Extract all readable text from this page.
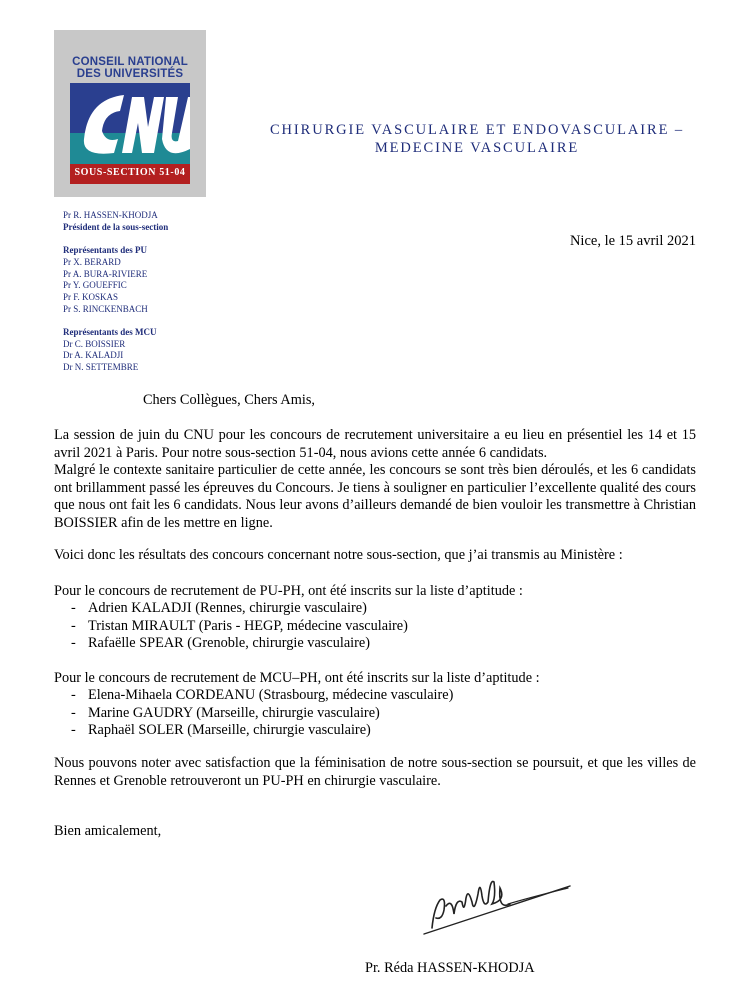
CONSEIL NATIONAL
DES UNIVERSITÉS
SOUS-SECTION 51-04
CHIRURGIE VASCULAIRE ET ENDOVASCULAIRE –
MEDECINE VASCULAIRE
Pr R. HASSEN-KHODJA
Président de la sous-section
Représentants des PU
Pr X. BERARD
Pr A. BURA-RIVIERE
Pr Y. GOUEFFIC
Pr F. KOSKAS
Pr S. RINCKENBACH
Représentants des MCU
Dr C. BOISSIER
Dr A. KALADJI
Dr N. SETTEMBRE
Nice, le 15 avril 2021
Chers Collègues, Chers Amis,
La session de juin du CNU pour les concours de recrutement universitaire a eu lieu en présentiel les 14 et 15 avril 2021 à Paris. Pour notre sous-section 51-04, nous avions cette année 6 candidats.
Malgré le contexte sanitaire particulier de cette année, les concours se sont très bien déroulés, et les 6 candidats ont brillamment passé les épreuves du Concours. Je tiens à souligner en particulier l’excellente qualité des cours que nous ont fait les 6 candidats. Nous leur avons d’ailleurs demandé de bien vouloir les transmettre à Christian BOISSIER afin de les mettre en ligne.
Voici donc les résultats des concours concernant notre sous-section, que j’ai transmis au Ministère :
Pour le concours de recrutement de PU-PH, ont été inscrits sur la liste d’aptitude :
- Adrien KALADJI (Rennes, chirurgie vasculaire)
- Tristan MIRAULT (Paris - HEGP, médecine vasculaire)
- Rafaëlle SPEAR (Grenoble, chirurgie vasculaire)
Pour le concours de recrutement de MCU–PH, ont été inscrits sur la liste d’aptitude :
- Elena-Mihaela CORDEANU (Strasbourg, médecine vasculaire)
- Marine GAUDRY (Marseille, chirurgie vasculaire)
- Raphaël SOLER (Marseille, chirurgie vasculaire)
Nous pouvons noter avec satisfaction que la féminisation de notre sous-section se poursuit, et que les villes de Rennes et Grenoble retrouveront un PU-PH en chirurgie vasculaire.
Bien amicalement,
Pr. Réda HASSEN-KHODJA
